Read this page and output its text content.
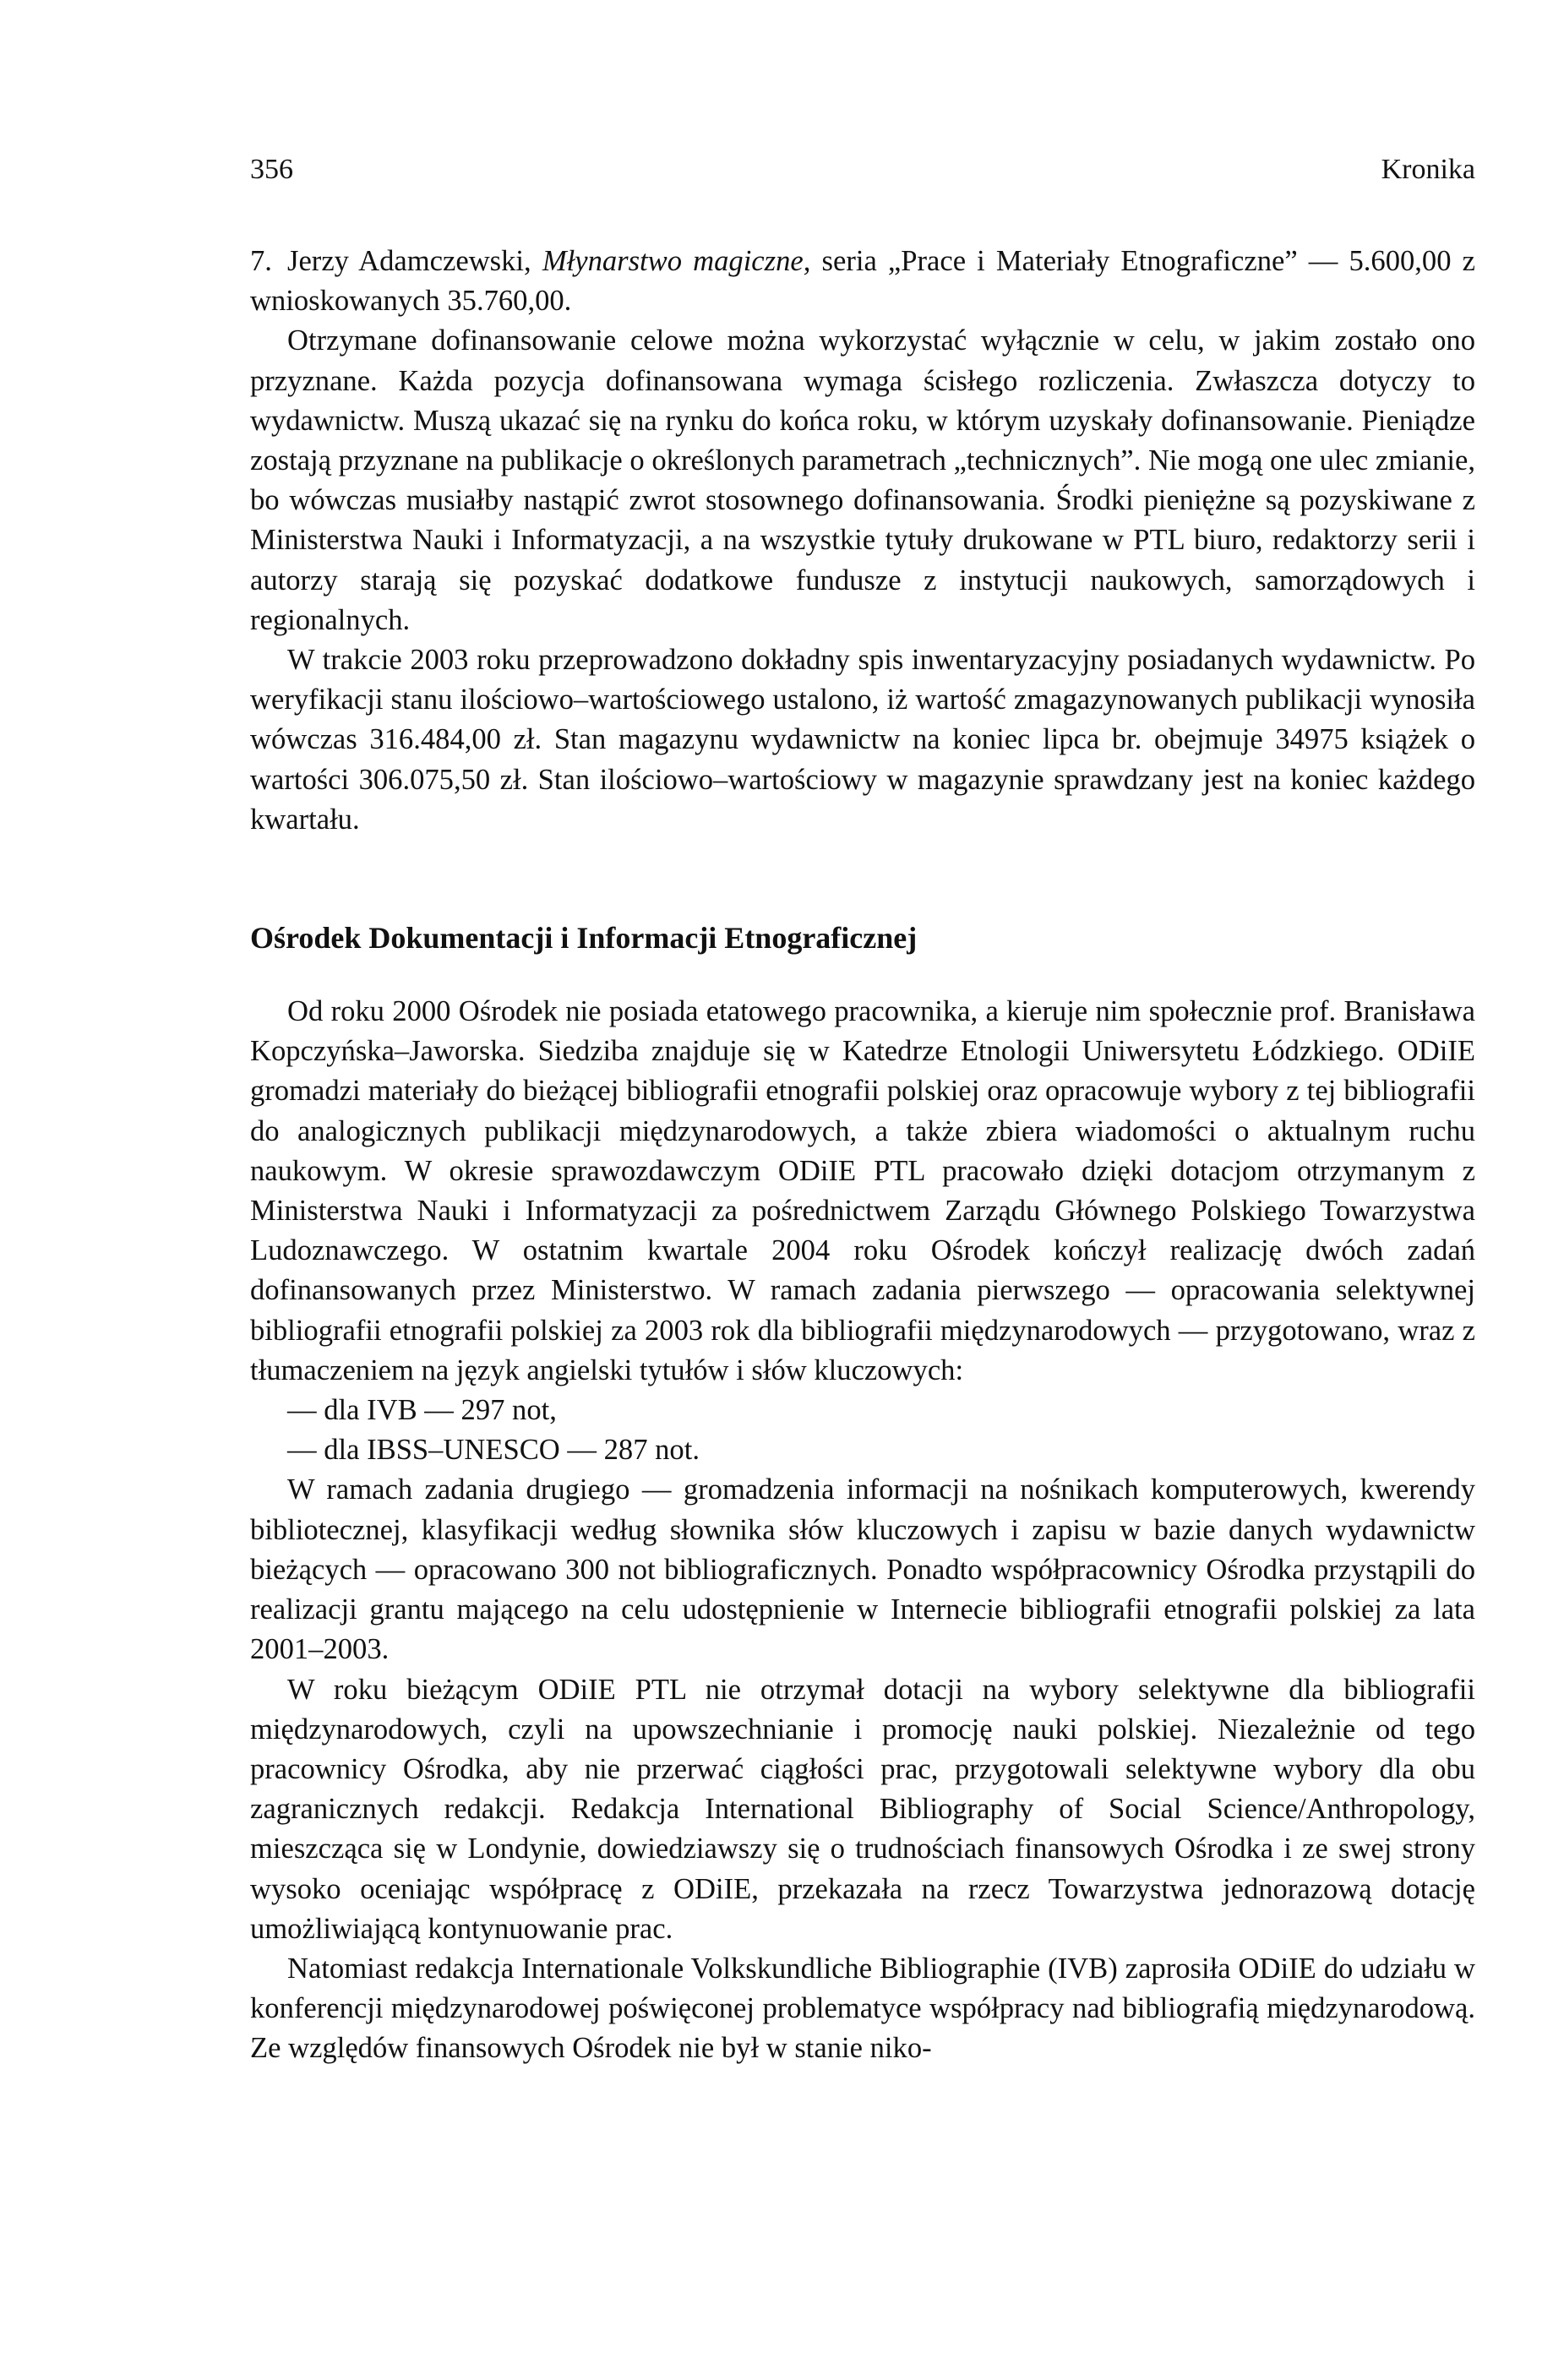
356	Kronika

7. Jerzy Adamczewski, Młynarstwo magiczne, seria „Prace i Materiały Etnograficzne” — 5.600,00 z wnioskowanych 35.760,00.

Otrzymane dofinansowanie celowe można wykorzystać wyłącznie w celu, w jakim zostało ono przyznane. Każda pozycja dofinansowana wymaga ścisłego rozliczenia. Zwłaszcza dotyczy to wydawnictw. Muszą ukazać się na rynku do końca roku, w którym uzyskały dofinansowanie. Pieniądze zostają przyznane na publikacje o określonych parametrach „technicznych”. Nie mogą one ulec zmianie, bo wówczas musiałby nastąpić zwrot stosownego dofinansowania. Środki pieniężne są pozyskiwane z Ministerstwa Nauki i Informatyzacji, a na wszystkie tytuły drukowane w PTL biuro, redaktorzy serii i autorzy starają się pozyskać dodatkowe fundusze z instytucji naukowych, samorządowych i regionalnych.

W trakcie 2003 roku przeprowadzono dokładny spis inwentaryzacyjny posiadanych wydawnictw. Po weryfikacji stanu ilościowo–wartościowego ustalono, iż wartość zmagazynowanych publikacji wynosiła wówczas 316.484,00 zł. Stan magazynu wydawnictw na koniec lipca br. obejmuje 34975 książek o wartości 306.075,50 zł. Stan ilościowo–wartościowy w magazynie sprawdzany jest na koniec każdego kwartału.

Ośrodek Dokumentacji i Informacji Etnograficznej

Od roku 2000 Ośrodek nie posiada etatowego pracownika, a kieruje nim społecznie prof. Branisława Kopczyńska–Jaworska. Siedziba znajduje się w Katedrze Etnologii Uniwersytetu Łódzkiego. ODiIE gromadzi materiały do bieżącej bibliografii etnografii polskiej oraz opracowuje wybory z tej bibliografii do analogicznych publikacji międzynarodowych, a także zbiera wiadomości o aktualnym ruchu naukowym. W okresie sprawozdawczym ODiIE PTL pracowało dzięki dotacjom otrzymanym z Ministerstwa Nauki i Informatyzacji za pośrednictwem Zarządu Głównego Polskiego Towarzystwa Ludoznawczego. W ostatnim kwartale 2004 roku Ośrodek kończył realizację dwóch zadań dofinansowanych przez Ministerstwo. W ramach zadania pierwszego — opracowania selektywnej bibliografii etnografii polskiej za 2003 rok dla bibliografii międzynarodowych — przygotowano, wraz z tłumaczeniem na język angielski tytułów i słów kluczowych:

— dla IVB — 297 not,

— dla IBSS–UNESCO — 287 not.

W ramach zadania drugiego — gromadzenia informacji na nośnikach komputerowych, kwerendy bibliotecznej, klasyfikacji według słownika słów kluczowych i zapisu w bazie danych wydawnictw bieżących — opracowano 300 not bibliograficznych. Ponadto współpracownicy Ośrodka przystąpili do realizacji grantu mającego na celu udostępnienie w Internecie bibliografii etnografii polskiej za lata 2001–2003.

W roku bieżącym ODiIE PTL nie otrzymał dotacji na wybory selektywne dla bibliografii międzynarodowych, czyli na upowszechnianie i promocję nauki polskiej. Niezależnie od tego pracownicy Ośrodka, aby nie przerwać ciągłości prac, przygotowali selektywne wybory dla obu zagranicznych redakcji. Redakcja International Bibliography of Social Science/Anthropology, mieszcząca się w Londynie, dowiedziawszy się o trudnościach finansowych Ośrodka i ze swej strony wysoko oceniając współpracę z ODiIE, przekazała na rzecz Towarzystwa jednorazową dotację umożliwiającą kontynuowanie prac.

Natomiast redakcja Internationale Volkskundliche Bibliographie (IVB) zaprosiła ODiIE do udziału w konferencji międzynarodowej poświęconej problematyce współpracy nad bibliografią międzynarodową. Ze względów finansowych Ośrodek nie był w stanie niko-
